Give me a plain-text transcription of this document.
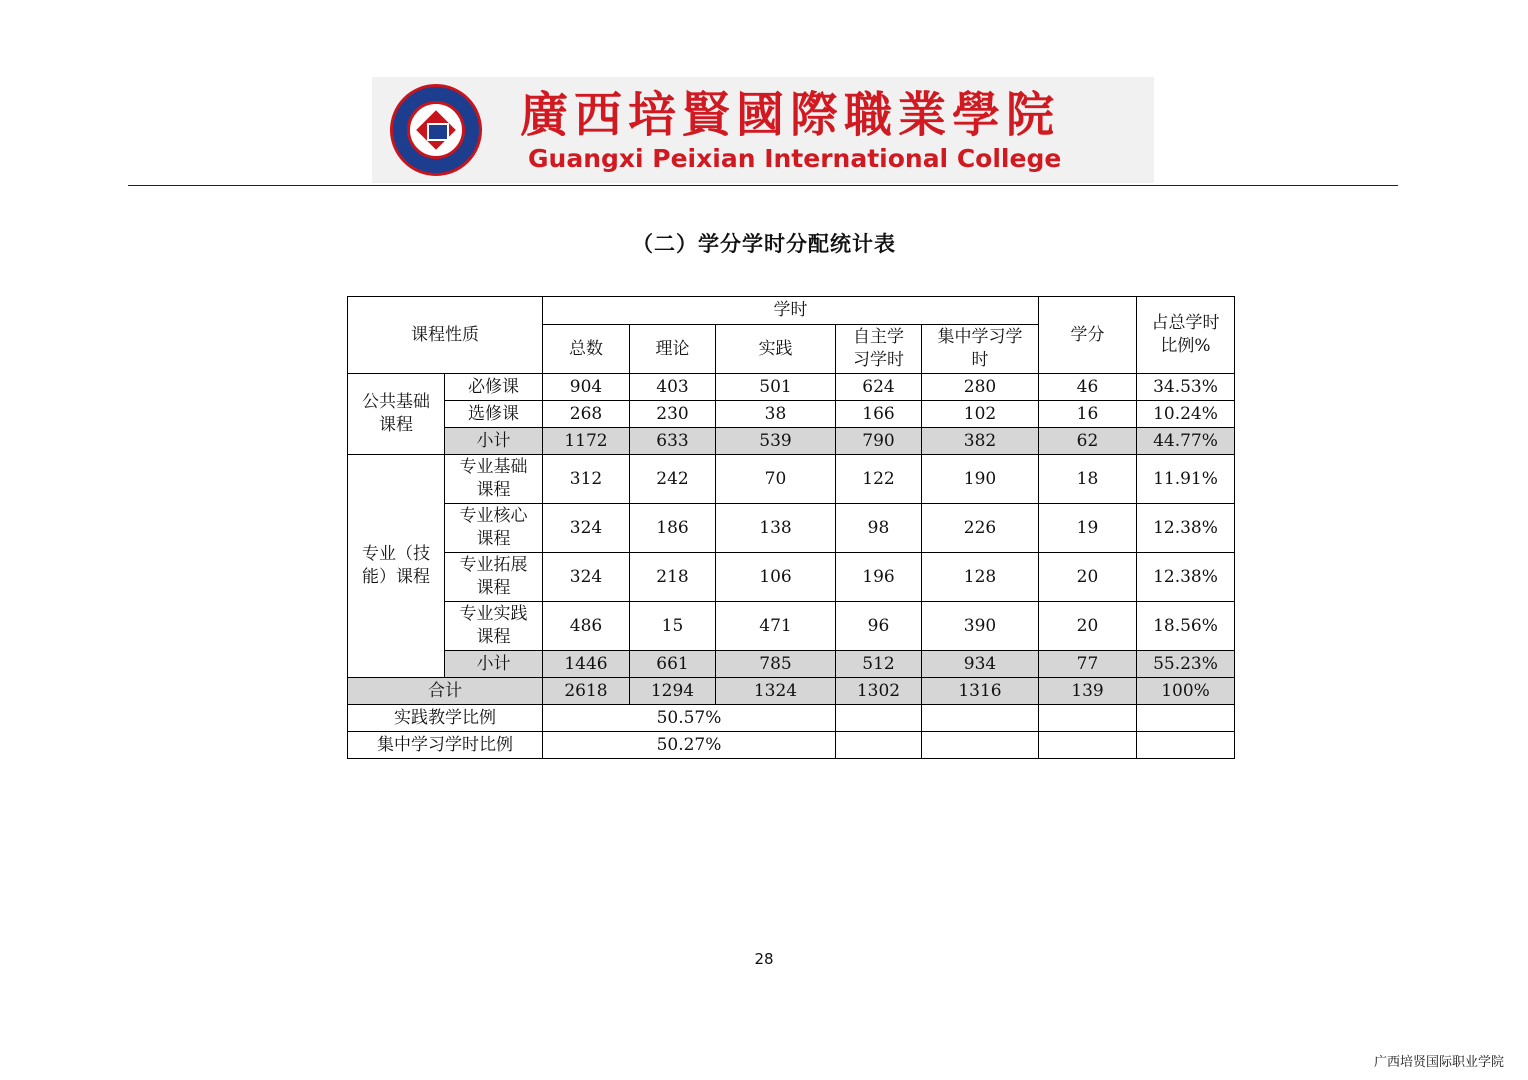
廣西培賢國際職業學院
Guangxi Peixian International College
（二）学分学时分配统计表
课程性质		学时					学分	占总学时比例%

		总数	理论	实践	自主学习学时	集中学习学时		

公共基础课程	必修课	904	403	501	624	280	46	34.53%
	选修课	268	230	38	166	102	16	10.24%
	小计	1172	633	539	790	382	62	44.77%

专业（技能）课程	专业基础课程	312	242	70	122	190	18	11.91%

	专业核心课程	324	186	138	98	226	19	12.38%

	专业拓展课程	324	218	106	196	128	20	12.38%

	专业实践课程	486	15	471	96	390	20	18.56%
	小计	1446	661	785	512	934	77	55.23%
合计		2618	1294	1324	1302	1316	139	100%
实践教学比例		50.57%						
集中学习学时比例		50.27%						
28
广西培贤国际职业学院
